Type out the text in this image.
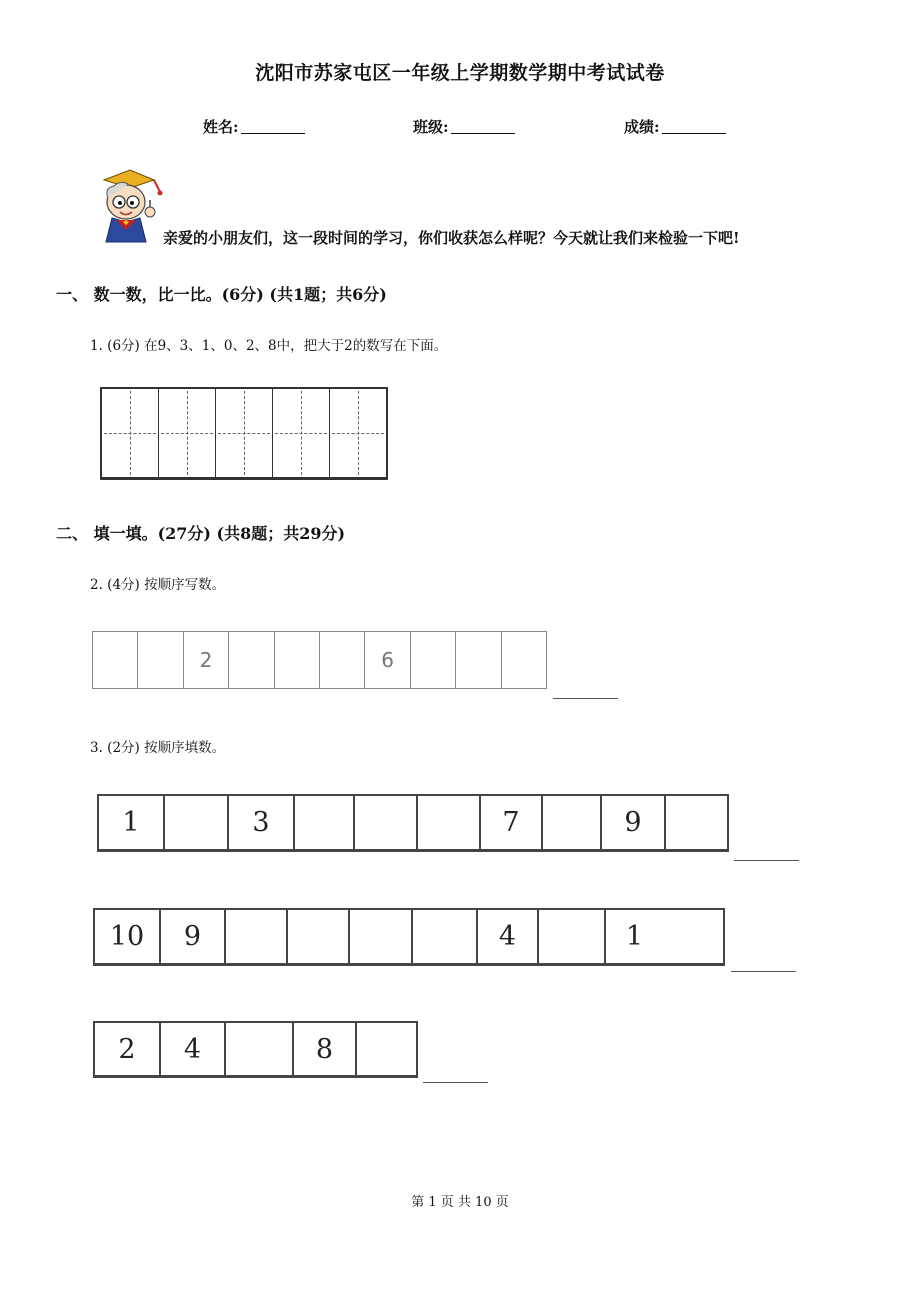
沈阳市苏家屯区一年级上学期数学期中考试试卷
姓名:	班级:	成绩:
亲爱的小朋友们，这一段时间的学习，你们收获怎么样呢？今天就让我们来检验一下吧!
一、 数一数，比一比。(6分) (共1题；共6分)
1. (6分) 在9、3、1、0、2、8中，把大于2的数写在下面。
二、 填一填。(27分) (共8题；共29分)
2. (4分) 按顺序写数。
2	6
3. (2分) 按顺序填数。
1	3	7	9
10	9	4	1
2	4	8
第 1 页 共 10 页
